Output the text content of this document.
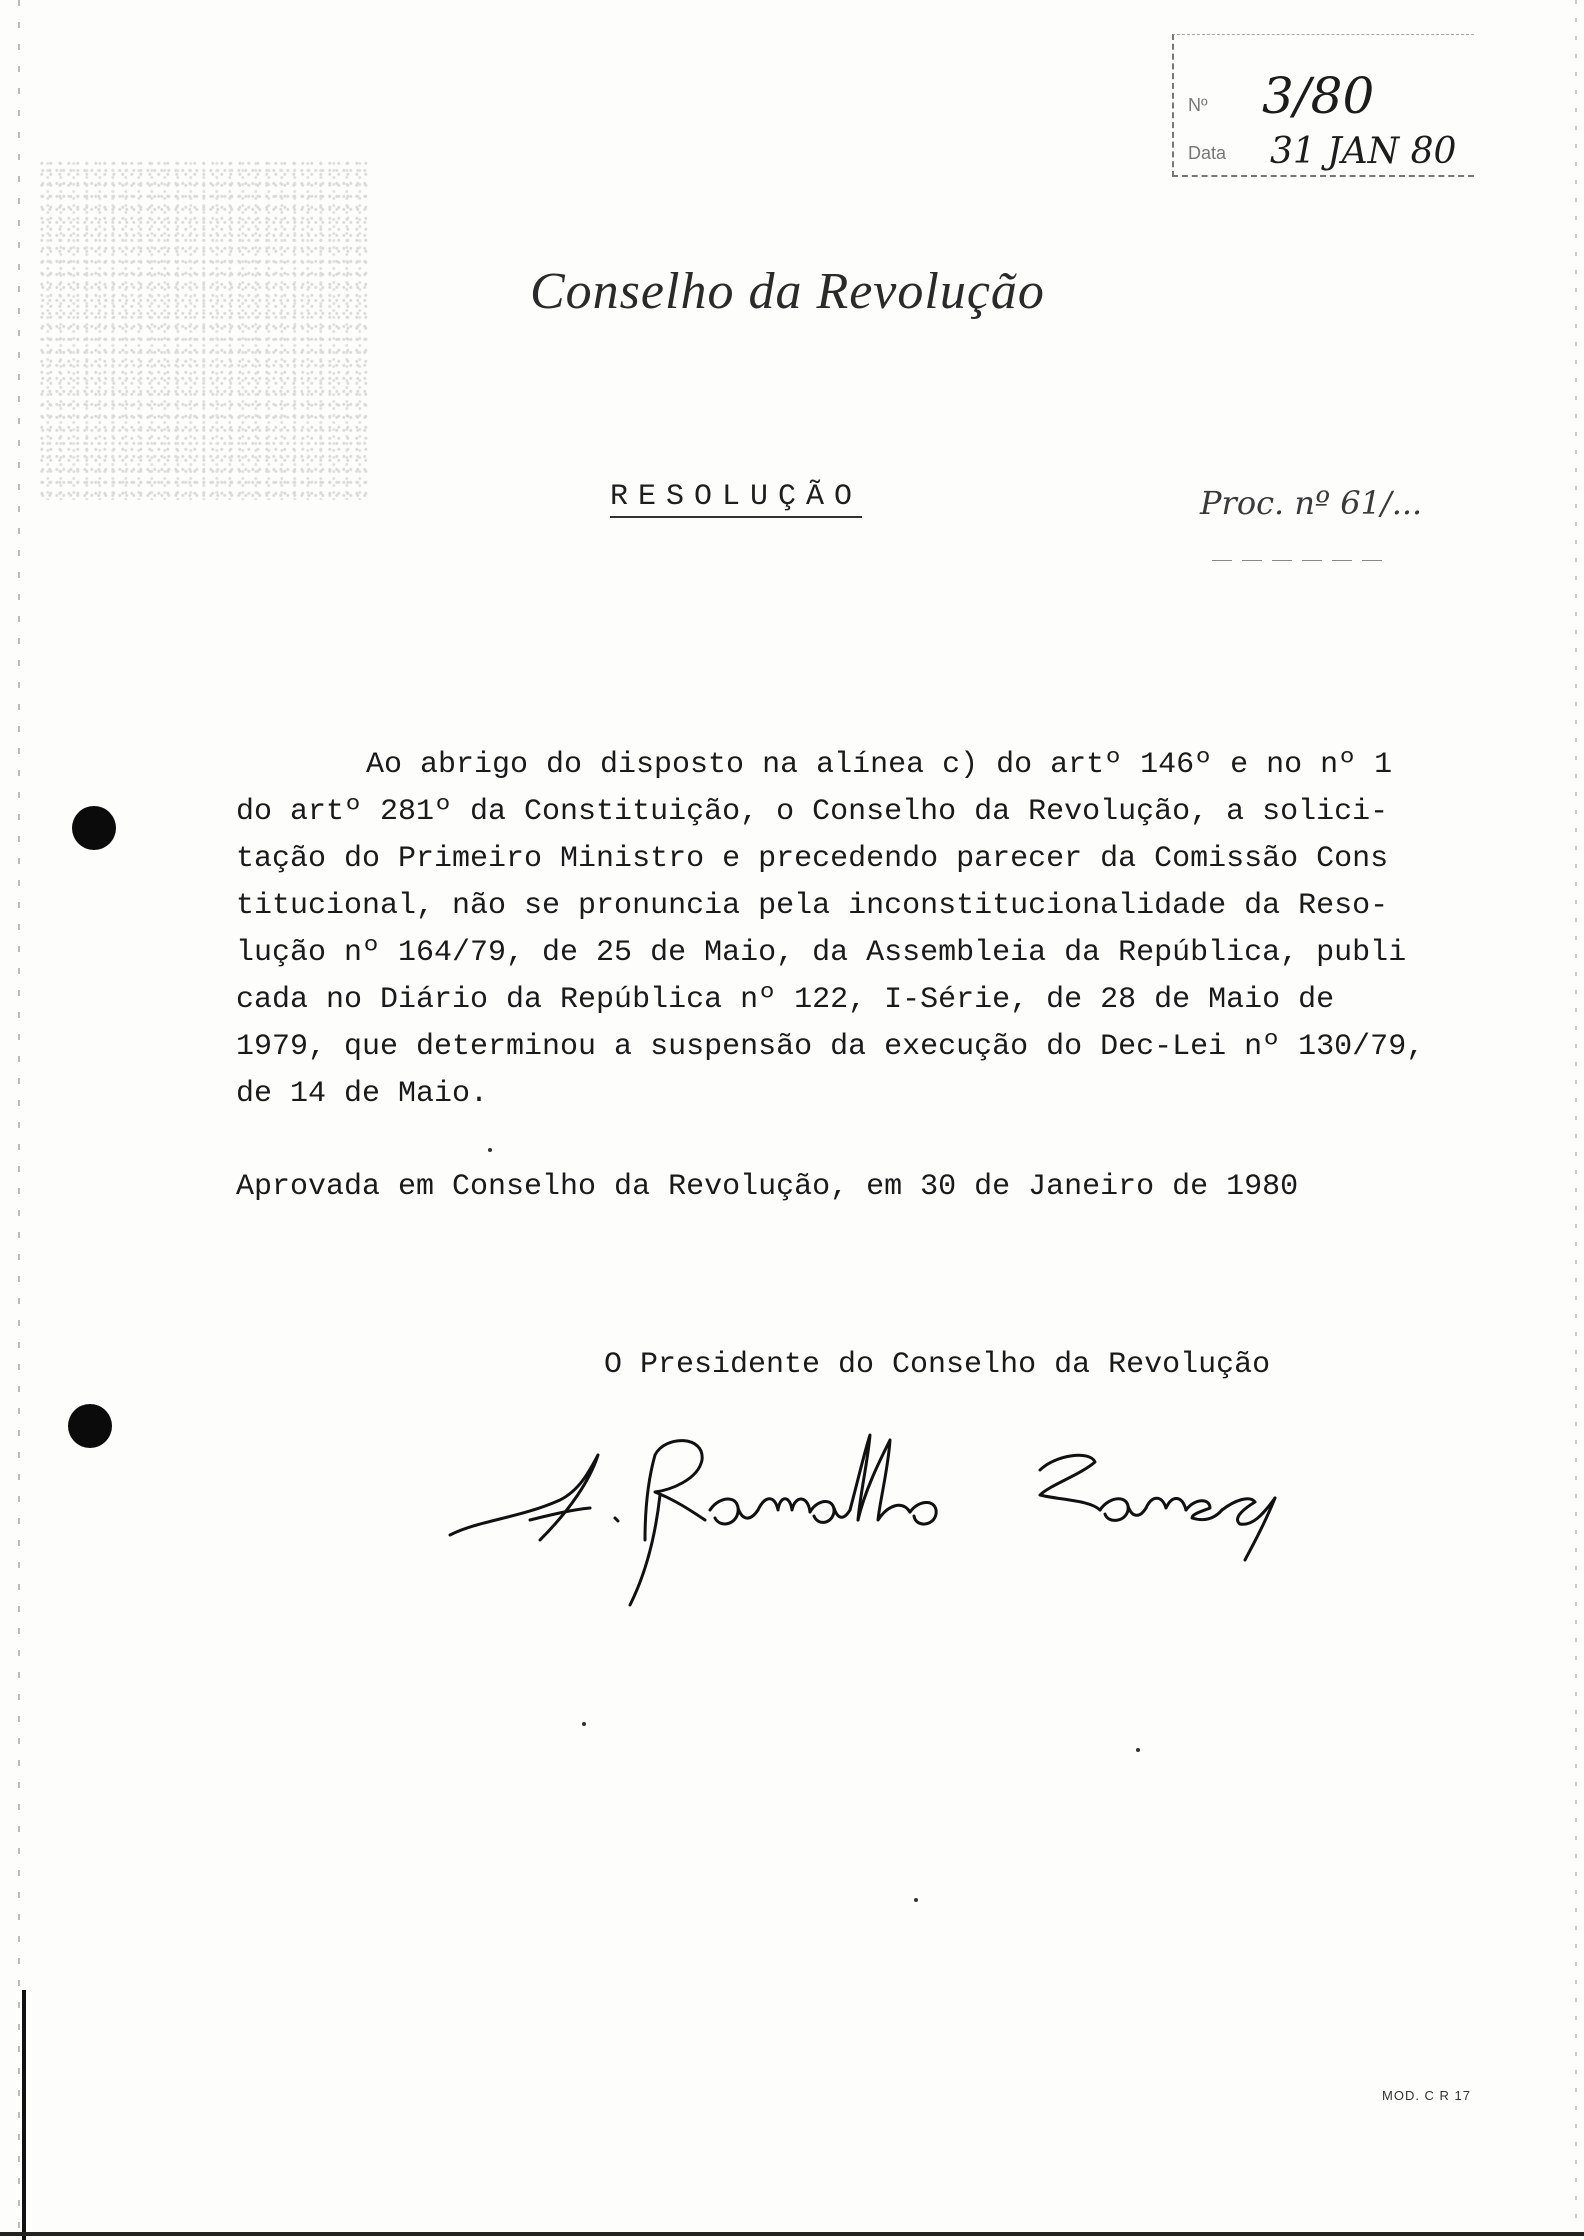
Nº 3/80
Data 31 JAN 80
Conselho da Revolução
RESOLUÇÃO	Proc. nº 61/...

Ao abrigo do disposto na alínea c) do artº 146º e no nº 1
do artº 281º da Constituição, o Conselho da Revolução, a solici-
tação do Primeiro Ministro e precedendo parecer da Comissão Cons
titucional, não se pronuncia pela inconstitucionalidade da Reso-
lução nº 164/79, de 25 de Maio, da Assembleia da República, publi
cada no Diário da República nº 122, I-Série, de 28 de Maio de
1979, que determinou a suspensão da execução do Dec-Lei nº 130/79,
de 14 de Maio.

Aprovada em Conselho da Revolução, em 30 de Janeiro de 1980
O Presidente do Conselho da Revolução
MOD. C R 17
